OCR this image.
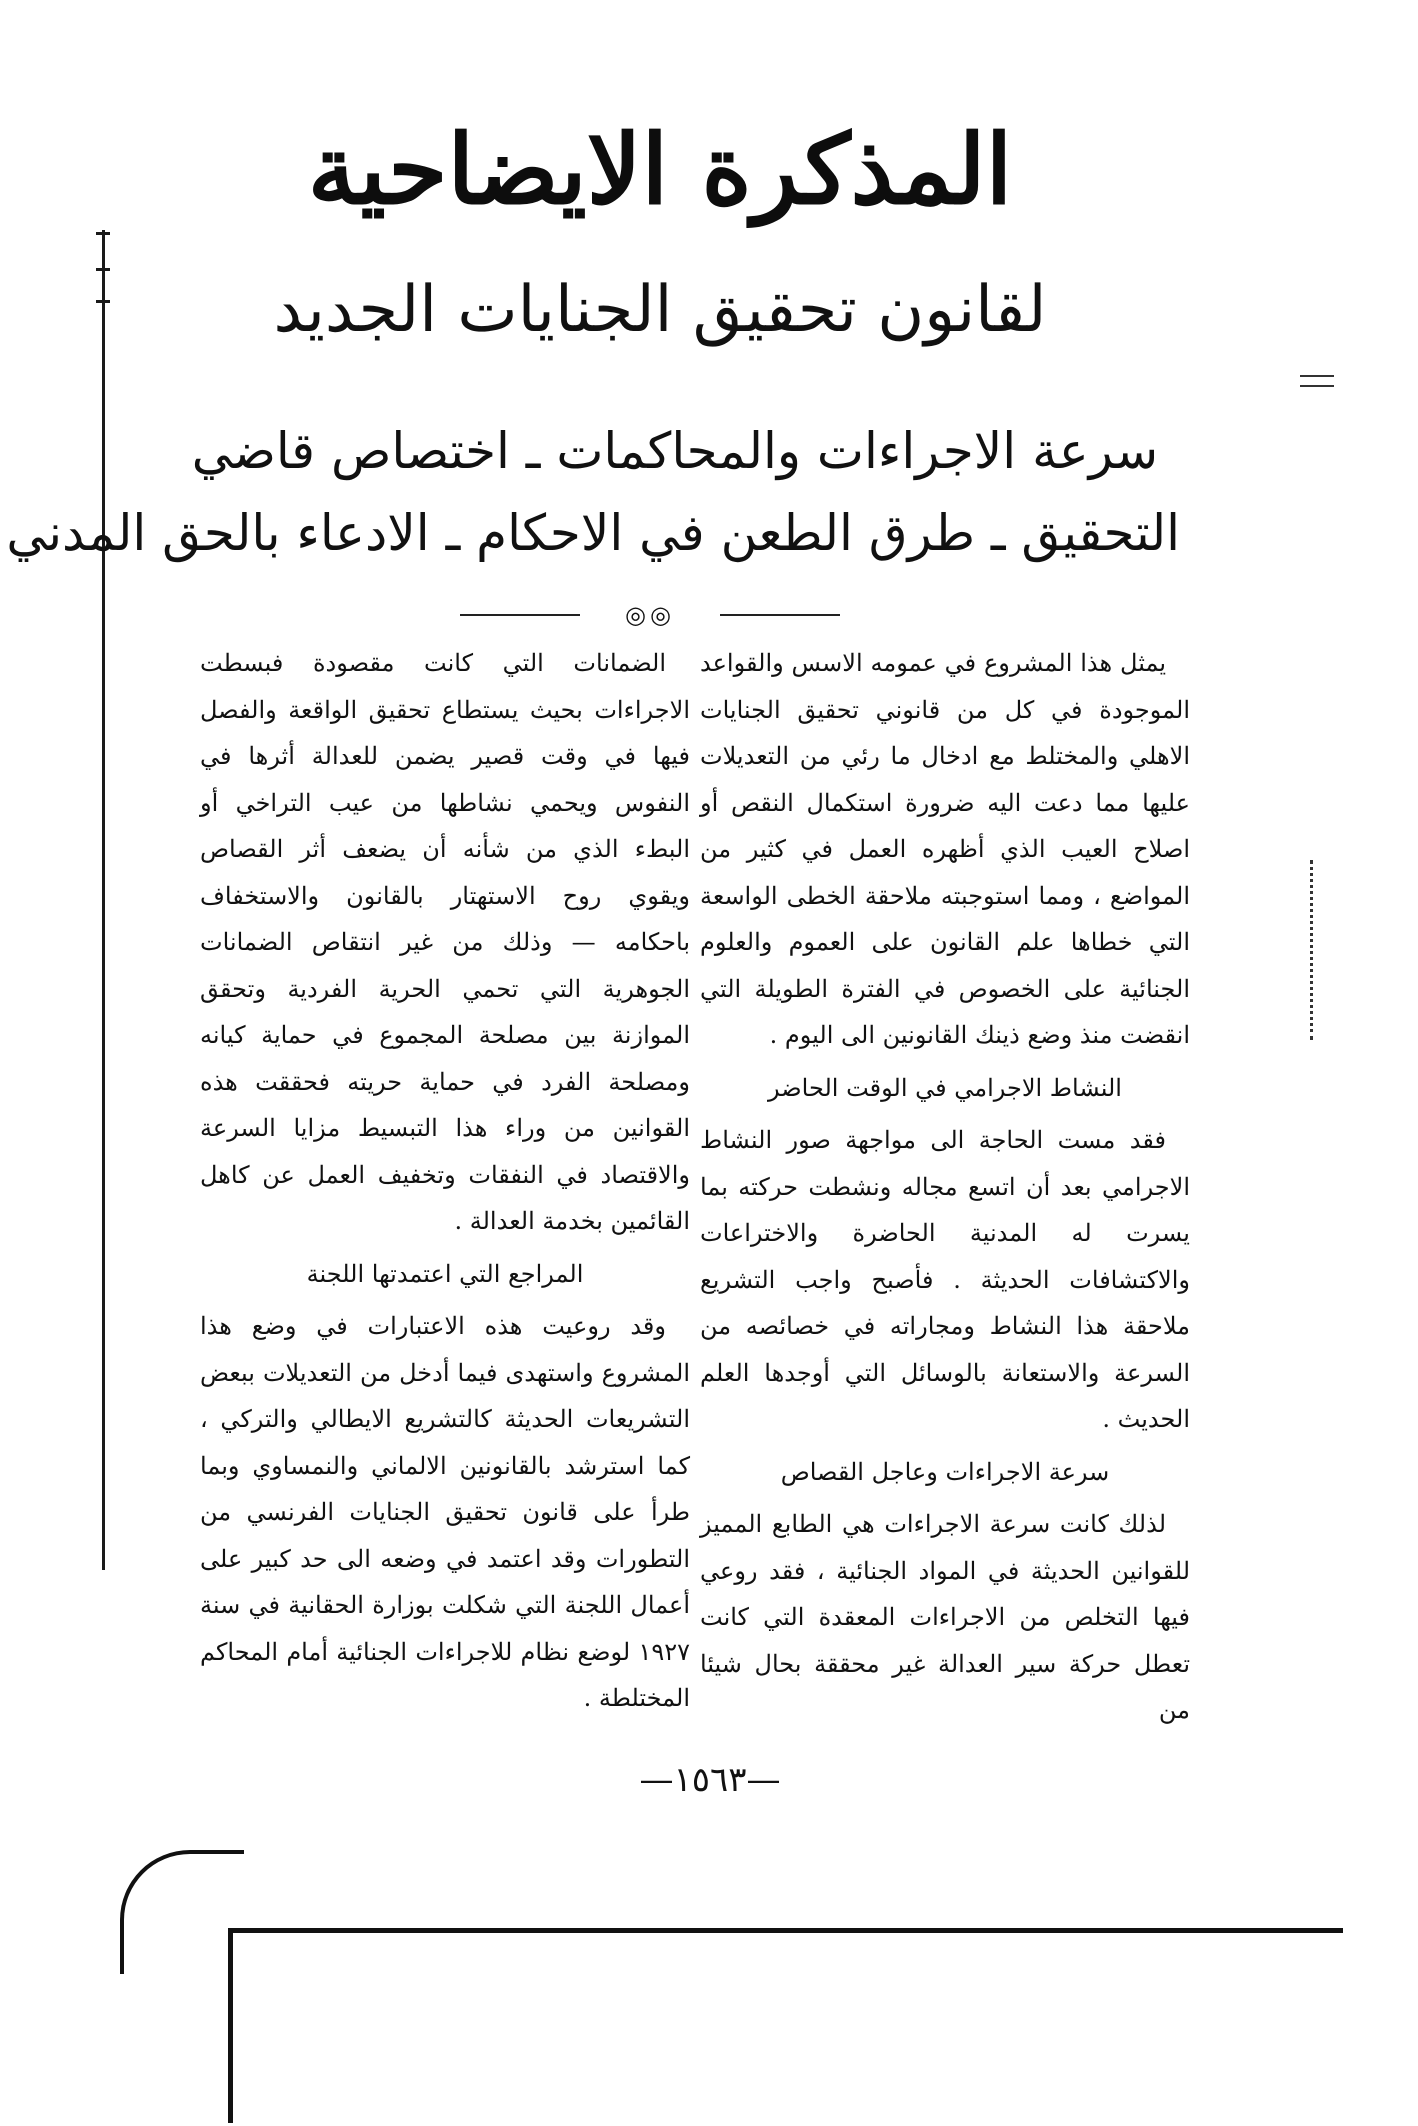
المذكرة الايضاحية
لقانون تحقيق الجنايات الجديد
سرعة الاجراءات والمحاكمات ـ اختصاص قاضي
التحقيق ـ طرق الطعن في الاحكام ـ الادعاء بالحق المدني
◎◎

يمثل هذا المشروع في عمومه الاسس والقواعد الموجودة في كل من قانوني تحقيق الجنايات الاهلي والمختلط مع ادخال ما رئي من التعديلات عليها مما دعت اليه ضرورة استكمال النقص أو اصلاح العيب الذي أظهره العمل في كثير من المواضع ، ومما استوجبته ملاحقة الخطى الواسعة التي خطاها علم القانون على العموم والعلوم الجنائية على الخصوص في الفترة الطويلة التي انقضت منذ وضع ذينك القانونين الى اليوم .

النشاط الاجرامي في الوقت الحاضر

فقد مست الحاجة الى مواجهة صور النشاط الاجرامي بعد أن اتسع مجاله ونشطت حركته بما يسرت له المدنية الحاضرة والاختراعات والاكتشافات الحديثة . فأصبح واجب التشريع ملاحقة هذا النشاط ومجاراته في خصائصه من السرعة والاستعانة بالوسائل التي أوجدها العلم الحديث .

سرعة الاجراءات وعاجل القصاص

لذلك كانت سرعة الاجراءات هي الطابع المميز للقوانين الحديثة في المواد الجنائية ، فقد روعي فيها التخلص من الاجراءات المعقدة التي كانت تعطل حركة سير العدالة غير محققة بحال شيئا من

الضمانات التي كانت مقصودة فبسطت الاجراءات بحيث يستطاع تحقيق الواقعة والفصل فيها في وقت قصير يضمن للعدالة أثرها في النفوس ويحمي نشاطها من عيب التراخي أو البطء الذي من شأنه أن يضعف أثر القصاص ويقوي روح الاستهتار بالقانون والاستخفاف باحكامه — وذلك من غير انتقاص الضمانات الجوهرية التي تحمي الحرية الفردية وتحقق الموازنة بين مصلحة المجموع في حماية كيانه ومصلحة الفرد في حماية حريته فحققت هذه القوانين من وراء هذا التبسيط مزايا السرعة والاقتصاد في النفقات وتخفيف العمل عن كاهل القائمين بخدمة العدالة .

المراجع التي اعتمدتها اللجنة

وقد روعيت هذه الاعتبارات في وضع هذا المشروع واستهدى فيما أدخل من التعديلات ببعض التشريعات الحديثة كالتشريع الايطالي والتركي ، كما استرشد بالقانونين الالماني والنمساوي وبما طرأ على قانون تحقيق الجنايات الفرنسي من التطورات وقد اعتمد في وضعه الى حد كبير على أعمال اللجنة التي شكلت بوزارة الحقانية في سنة ١٩٢٧ لوضع نظام للاجراءات الجنائية أمام المحاكم المختلطة .

—١٥٦٣—
